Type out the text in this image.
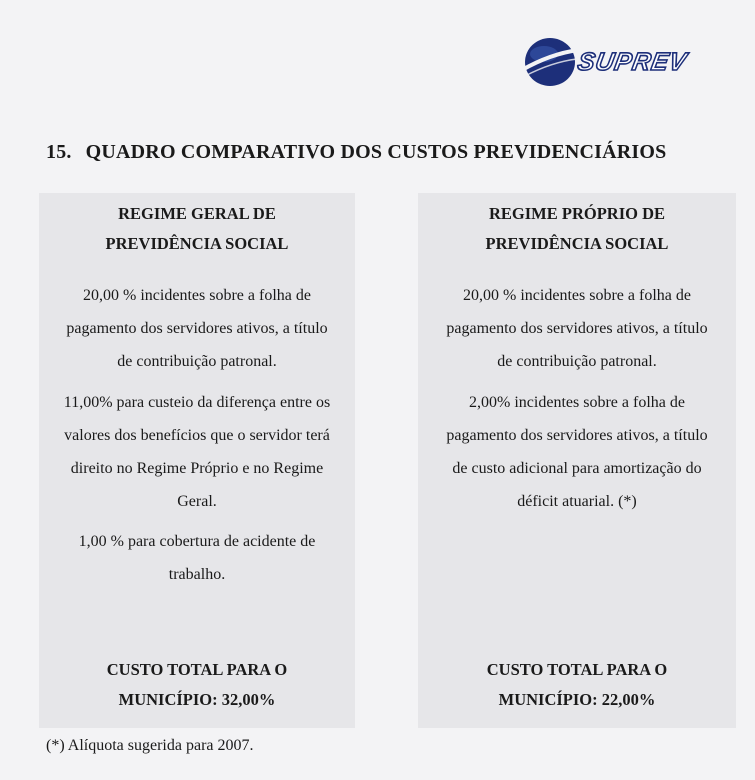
SUPREV
15. QUADRO COMPARATIVO DOS CUSTOS PREVIDENCIÁRIOS
REGIME GERAL DE
PREVIDÊNCIA SOCIAL
20,00 % incidentes sobre a folha de
pagamento dos servidores ativos, a título
de contribuição patronal.
11,00% para custeio da diferença entre os
valores dos benefícios que o servidor terá
direito no Regime Próprio e no Regime
Geral.
1,00 % para cobertura de acidente de
trabalho.
CUSTO TOTAL PARA O
MUNICÍPIO: 32,00%
REGIME PRÓPRIO DE
PREVIDÊNCIA SOCIAL
20,00 % incidentes sobre a folha de
pagamento dos servidores ativos, a título
de contribuição patronal.
2,00% incidentes sobre a folha de
pagamento dos servidores ativos, a título
de custo adicional para amortização do
déficit atuarial. (*)
CUSTO TOTAL PARA O
MUNICÍPIO: 22,00%
(*) Alíquota sugerida para 2007.
